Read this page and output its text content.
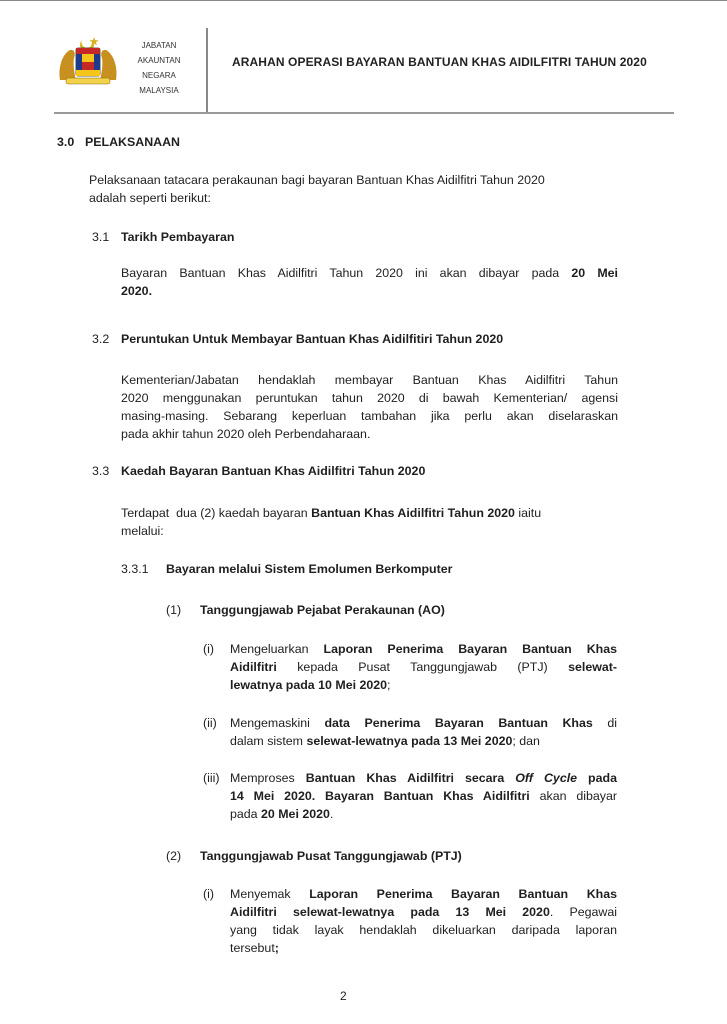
JABATAN
AKAUNTAN
NEGARA
MALAYSIA
ARAHAN OPERASI BAYARAN BANTUAN KHAS AIDILFITRI TAHUN 2020
3.0 PELAKSANAAN
Pelaksanaan tatacara perakaunan bagi bayaran Bantuan Khas Aidilfitri Tahun 2020
adalah seperti berikut:
3.1 Tarikh Pembayaran
Bayaran Bantuan Khas Aidilfitri Tahun 2020 ini akan dibayar pada 20 Mei
2020.
3.2 Peruntukan Untuk Membayar Bantuan Khas Aidilfitiri Tahun 2020
Kementerian/Jabatan hendaklah membayar Bantuan Khas Aidilfitri Tahun
2020 menggunakan peruntukan tahun 2020 di bawah Kementerian/ agensi
masing-masing. Sebarang keperluan tambahan jika perlu akan diselaraskan
pada akhir tahun 2020 oleh Perbendaharaan.
3.3 Kaedah Bayaran Bantuan Khas Aidilfitri Tahun 2020
Terdapat  dua (2) kaedah bayaran Bantuan Khas Aidilfitri Tahun 2020 iaitu
melalui:
3.3.1 Bayaran melalui Sistem Emolumen Berkomputer
(1) Tanggungjawab Pejabat Perakaunan (AO)
(i) Mengeluarkan Laporan Penerima Bayaran Bantuan Khas
Aidilfitri kepada Pusat Tanggungjawab (PTJ) selewat-
lewatnya pada 10 Mei 2020;
(ii) Mengemaskini data Penerima Bayaran Bantuan Khas di
dalam sistem selewat-lewatnya pada 13 Mei 2020; dan
(iii) Memproses Bantuan Khas Aidilfitri secara Off Cycle pada
14 Mei 2020. Bayaran Bantuan Khas Aidilfitri akan dibayar
pada 20 Mei 2020.
(2) Tanggungjawab Pusat Tanggungjawab (PTJ)
(i) Menyemak Laporan Penerima Bayaran Bantuan Khas
Aidilfitri selewat-lewatnya pada 13 Mei 2020. Pegawai
yang tidak layak hendaklah dikeluarkan daripada laporan
tersebut;
2
